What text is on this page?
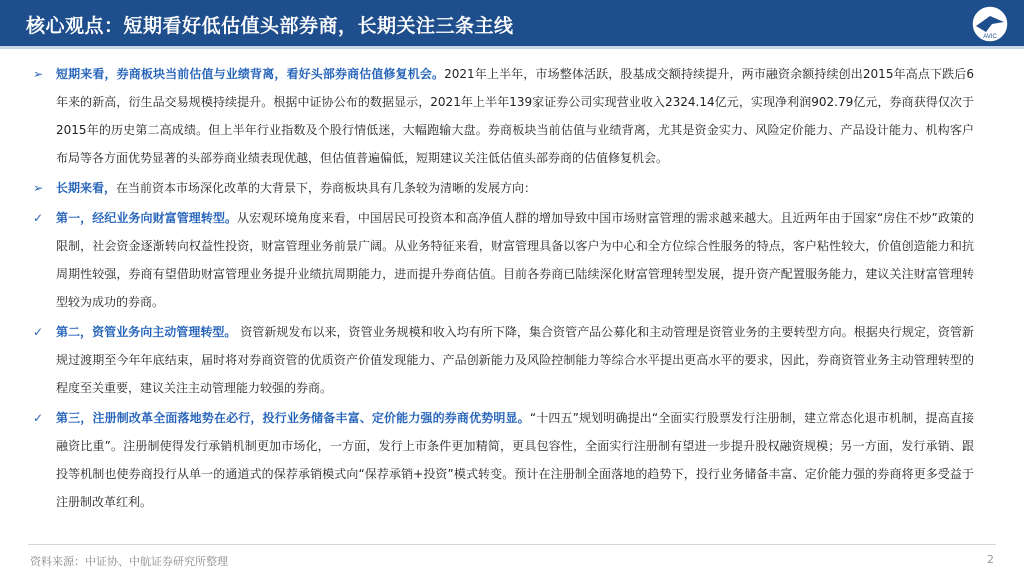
核心观点：短期看好低估值头部券商，长期关注三条主线	AVIC

➢ 短期来看，券商板块当前估值与业绩背离，看好头部券商估值修复机会。2021年上半年，市场整体活跃，股基成交额持续提升，两市融资余额持续创出2015年高点下跌后6年来的新高，衍生品交易规模持续提升。根据中证协公布的数据显示，2021年上半年139家证券公司实现营业收入2324.14亿元，实现净利润902.79亿元，券商获得仅次于2015年的历史第二高成绩。但上半年行业指数及个股行情低迷，大幅跑输大盘。券商板块当前估值与业绩背离，尤其是资金实力、风险定价能力、产品设计能力、机构客户布局等各方面优势显著的头部券商业绩表现优越，但估值普遍偏低，短期建议关注低估值头部券商的估值修复机会。

➢ 长期来看，在当前资本市场深化改革的大背景下，券商板块具有几条较为清晰的发展方向：

✓ 第一，经纪业务向财富管理转型。从宏观环境角度来看，中国居民可投资本和高净值人群的增加导致中国市场财富管理的需求越来越大。且近两年由于国家“房住不炒”政策的限制，社会资金逐渐转向权益性投资，财富管理业务前景广阔。从业务特征来看，财富管理具备以客户为中心和全方位综合性服务的特点，客户粘性较大，价值创造能力和抗周期性较强，券商有望借助财富管理业务提升业绩抗周期能力，进而提升券商估值。目前各券商已陆续深化财富管理转型发展，提升资产配置服务能力，建议关注财富管理转型较为成功的券商。

✓ 第二，资管业务向主动管理转型。 资管新规发布以来，资管业务规模和收入均有所下降，集合资管产品公募化和主动管理是资管业务的主要转型方向。根据央行规定，资管新规过渡期至今年年底结束，届时将对券商资管的优质资产价值发现能力、产品创新能力及风险控制能力等综合水平提出更高水平的要求，因此，券商资管业务主动管理转型的程度至关重要，建议关注主动管理能力较强的券商。

✓ 第三，注册制改革全面落地势在必行，投行业务储备丰富、定价能力强的券商优势明显。“十四五”规划明确提出“全面实行股票发行注册制，建立常态化退市机制，提高直接融资比重”。注册制使得发行承销机制更加市场化，一方面，发行上市条件更加精简，更具包容性，全面实行注册制有望进一步提升股权融资规模；另一方面，发行承销、跟投等机制也使券商投行从单一的通道式的保荐承销模式向“保荐承销+投资”模式转变。预计在注册制全面落地的趋势下，投行业务储备丰富、定价能力强的券商将更多受益于注册制改革红利。

资料来源：中证协、中航证券研究所整理	2
